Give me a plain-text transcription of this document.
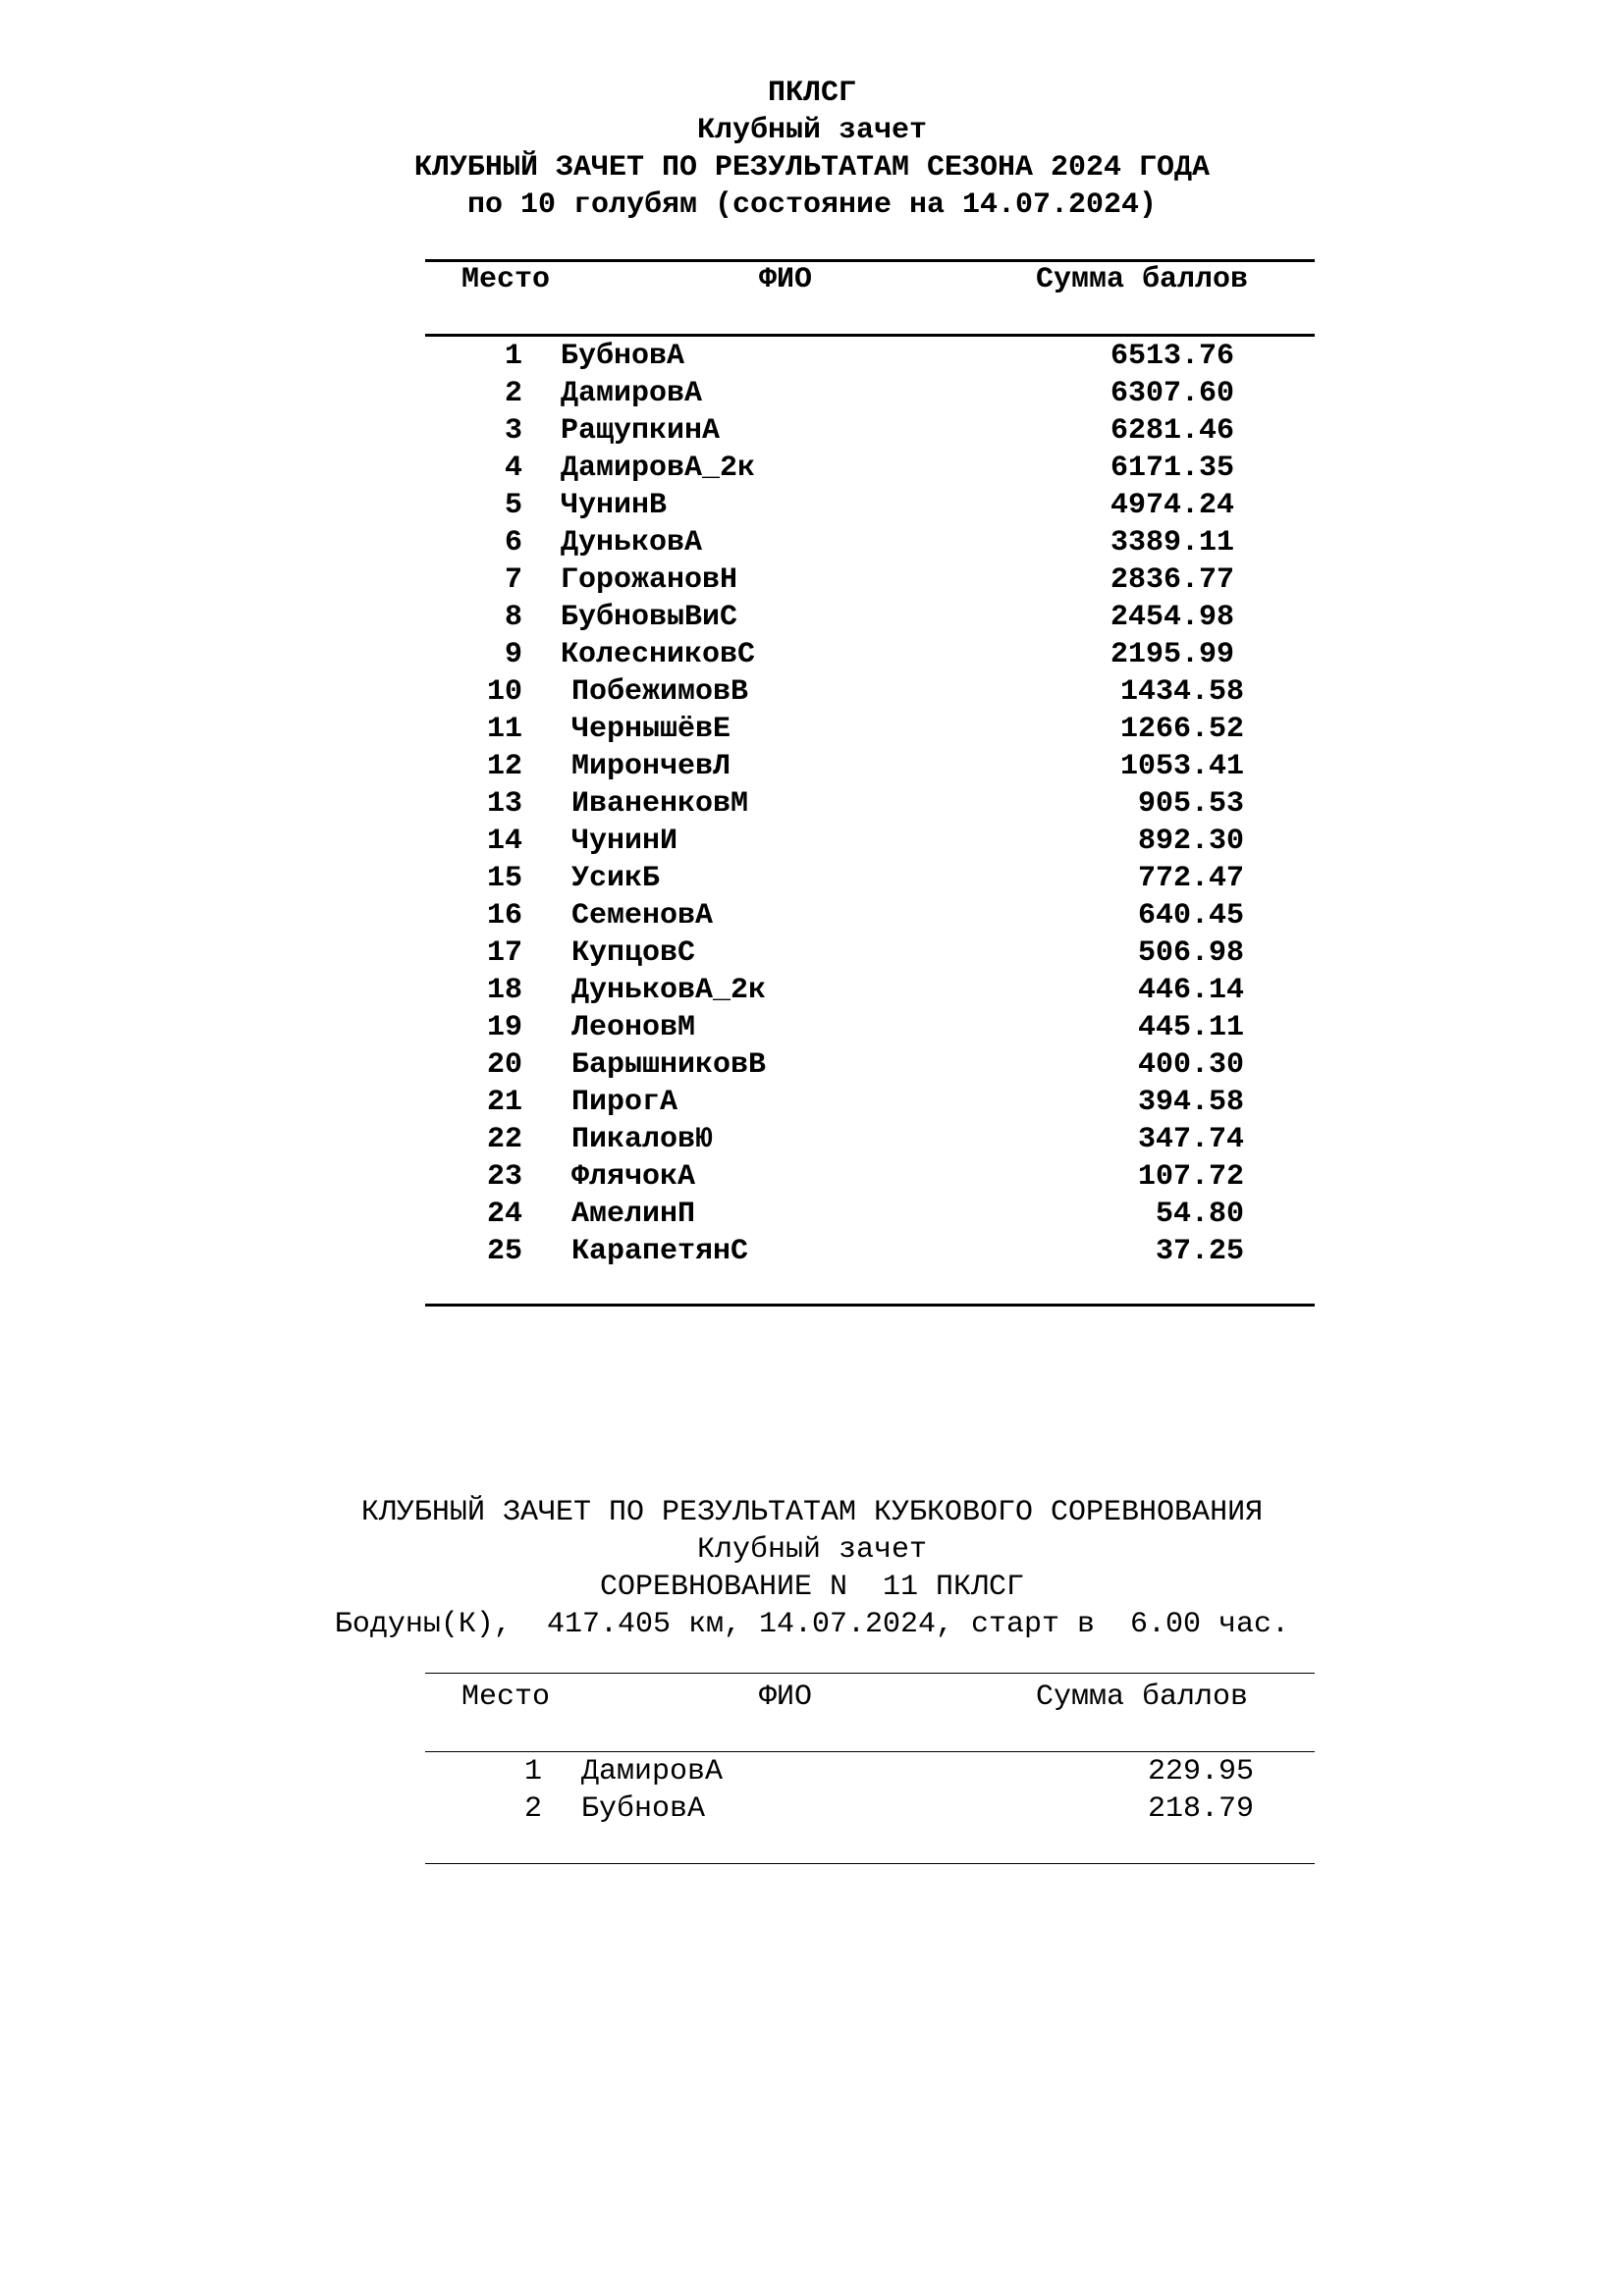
ПКЛСГ
Клубный зачет
КЛУБНЫЙ ЗАЧЕТ ПО РЕЗУЛЬТАТАМ СЕЗОНА 2024 ГОДА
по 10 голубям (состояние на 14.07.2024)
Место	ФИО	Сумма баллов
1 БубновА	6513.76
2 ДамировА	6307.60
3 РащупкинА	6281.46
4 ДамировА_2к	6171.35
5 ЧунинВ	4974.24
6 ДуньковА	3389.11
7 ГорожановН	2836.77
8 БубновыВиС	2454.98
9 КолесниковС	2195.99
10 ПобежимовВ	1434.58
11 ЧернышёвЕ	1266.52
12 МирончевЛ	1053.41
13 ИваненковМ	905.53
14 ЧунинИ	892.30
15 УсикБ	772.47
16 СеменовА	640.45
17 КупцовС	506.98
18 ДуньковА_2к	446.14
19 ЛеоновМ	445.11
20 БарышниковВ	400.30
21 ПирогА	394.58
22 ПикаловЮ	347.74
23 ФлячокА	107.72
24 АмелинП	54.80
25 КарапетянС	37.25
КЛУБНЫЙ ЗАЧЕТ ПО РЕЗУЛЬТАТАМ КУБКОВОГО СОРЕВНОВАНИЯ
Клубный зачет
СОРЕВНОВАНИЕ N  11 ПКЛСГ
Бодуны(К),  417.405 км, 14.07.2024, старт в  6.00 час.
Место	ФИО	Сумма баллов
1 ДамировА	229.95
2 БубновА	218.79
